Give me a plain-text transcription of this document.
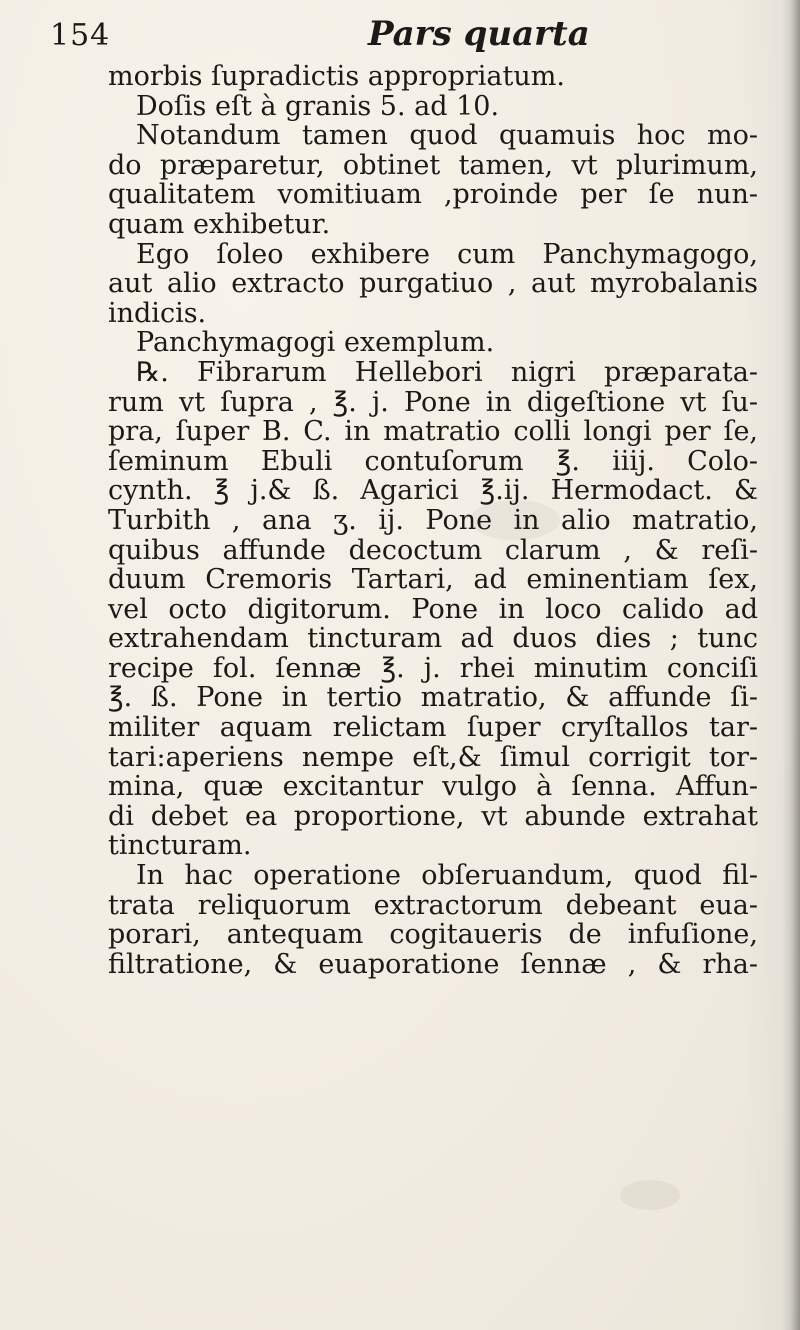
154	Pars quarta
morbis ſupradictis appropriatum.
Doſis eſt à granis 5. ad 10.
Notandum tamen quod quamuis hoc mo-
do præparetur, obtinet tamen, vt plurimum,
qualitatem vomitiuam ,proinde per ſe nun-
quam exhibetur.
Ego ſoleo exhibere cum Panchymagogo,
aut alio extracto purgatiuo , aut myrobalanis
indicis.
Panchymagogi exemplum.
℞. Fibrarum Hellebori nigri præparata-
rum vt ſupra , ℥. j. Pone in digeſtione vt ſu-
pra, ſuper B. C. in matratio colli longi per ſe,
ſeminum Ebuli contuſorum ℥. iiij. Colo-
cynth. ℥ j.& ß. Agarici ℥.ij. Hermodact. &
Turbith , ana ʒ. ij. Pone in alio matratio,
quibus affunde decoctum clarum , & reſi-
duum Cremoris Tartari, ad eminentiam ſex,
vel octo digitorum. Pone in loco calido ad
extrahendam tincturam ad duos dies ; tunc
recipe fol. ſennæ ℥. j. rhei minutim conciſi
℥. ß. Pone in tertio matratio, & affunde ſi-
militer aquam relictam ſuper cryſtallos tar-
tari:aperiens nempe eſt,& ſimul corrigit tor-
mina, quæ excitantur vulgo à ſenna. Affun-
di debet ea proportione, vt abunde extrahat
tincturam.
In hac operatione obſeruandum, quod fil-
trata reliquorum extractorum debeant eua-
porari, antequam cogitaueris de infuſione,
filtratione, & euaporatione ſennæ , & rha-
